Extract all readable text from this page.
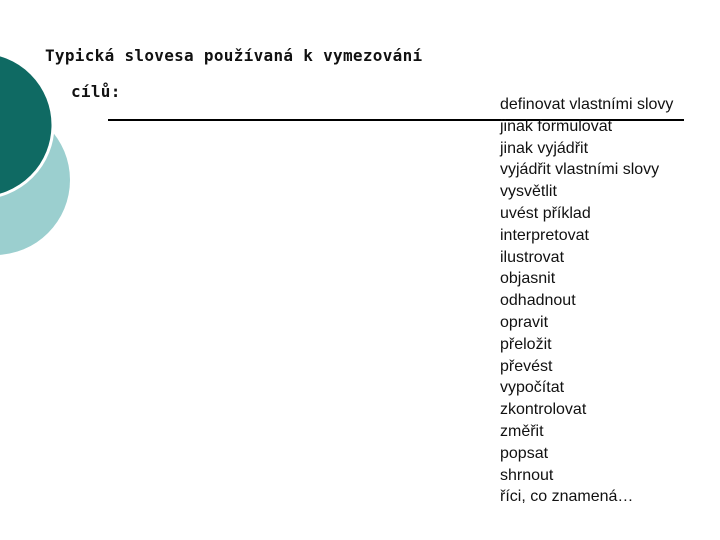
Typická slovesa používaná k vymezování
cílů:
definovat vlastními slovy
jinak formulovat
jinak vyjádřit
vyjádřit vlastními slovy
vysvětlit
uvést příklad
interpretovat
ilustrovat
objasnit
odhadnout
opravit
přeložit
převést
vypočítat
zkontrolovat
změřit
popsat
shrnout
říci, co znamená…
